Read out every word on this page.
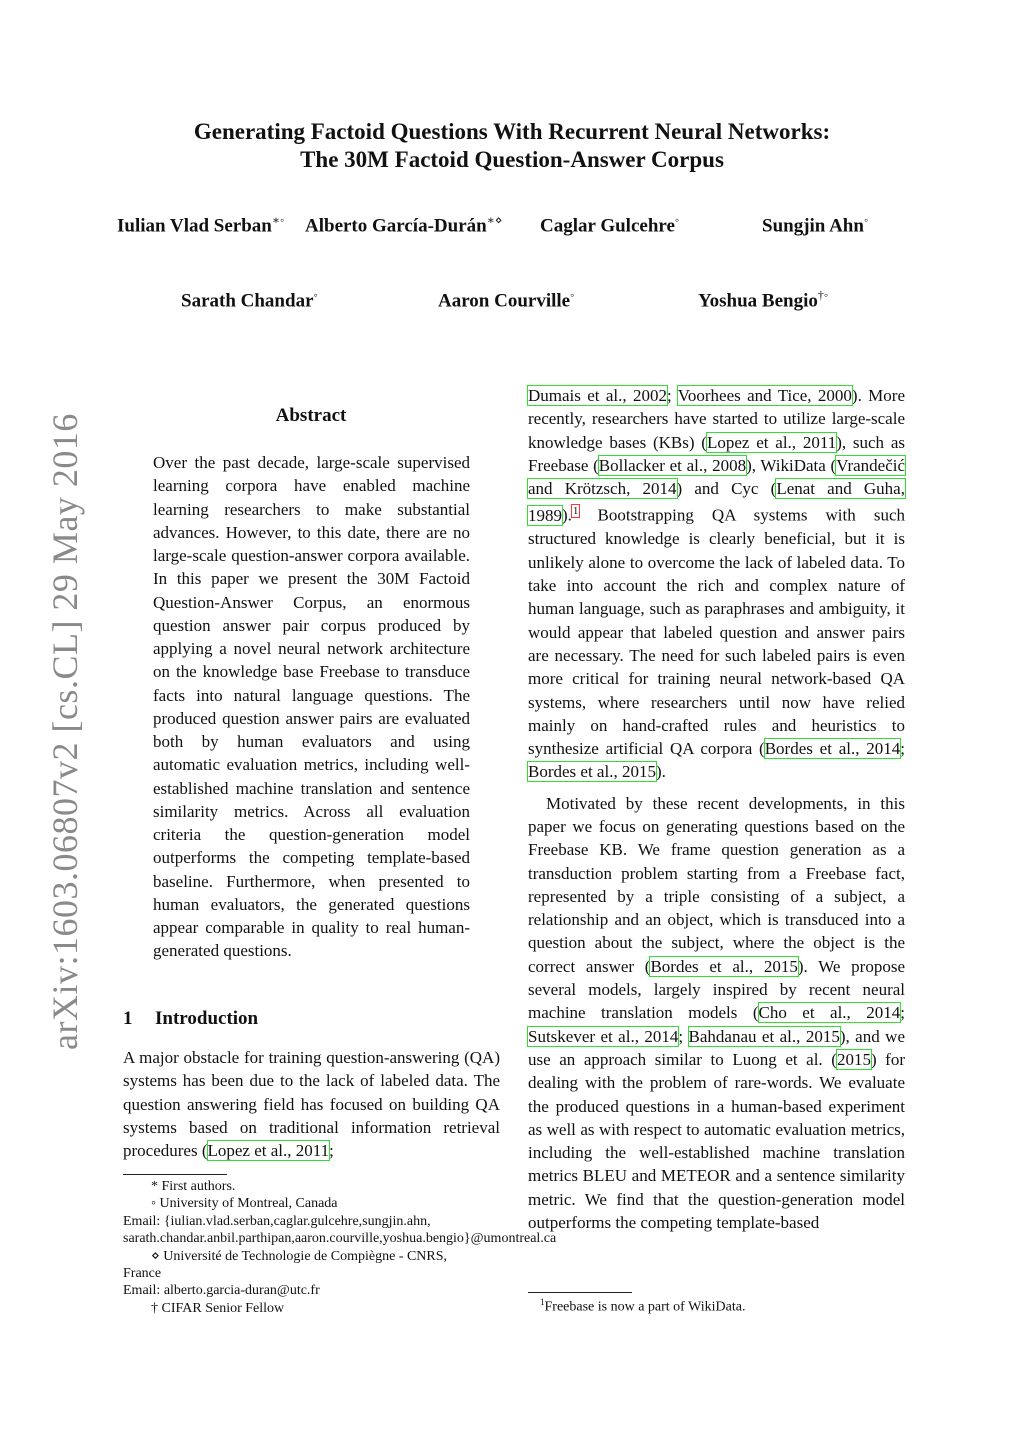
arXiv:1603.06807v2 [cs.CL] 29 May 2016
Generating Factoid Questions With Recurrent Neural Networks:
The 30M Factoid Question-Answer Corpus
Iulian Vlad Serban∗◦ Alberto García-Durán∗⋄ Caglar Gulcehre◦	Sungjin Ahn◦
Sarath Chandar◦	Aaron Courville◦	Yoshua Bengio†◦
Abstract

Over the past decade, large-scale supervised learning corpora have enabled machine learning researchers to make substantial advances. However, to this date, there are no large-scale question-answer corpora available. In this paper we present the 30M Factoid Question-Answer Corpus, an enormous question answer pair corpus produced by applying a novel neural network architecture on the knowledge base Freebase to transduce facts into natural language questions. The produced question answer pairs are evaluated both by human evaluators and using automatic evaluation metrics, including well-established machine translation and sentence similarity metrics. Across all evaluation criteria the question-generation model outperforms the competing template-based baseline. Furthermore, when presented to human evaluators, the generated questions appear comparable in quality to real human-generated questions.

1 Introduction

A major obstacle for training question-answering (QA) systems has been due to the lack of labeled data. The question answering field has focused on building QA systems based on traditional information retrieval procedures (Lopez et al., 2011;

* First authors.
◦ University of Montreal, Canada
Email: {iulian.vlad.serban,caglar.gulcehre,sungjin.ahn,
sarath.chandar.anbil.parthipan,aaron.courville,yoshua.bengio}@umontreal.ca
⋄ Université de Technologie de Compiègne - CNRS,
France
Email: alberto.garcia-duran@utc.fr
† CIFAR Senior Fellow

Dumais et al., 2002; Voorhees and Tice, 2000). More recently, researchers have started to utilize large-scale knowledge bases (KBs) (Lopez et al., 2011), such as Freebase (Bollacker et al., 2008), WikiData (Vrandečić and Krötzsch, 2014) and Cyc (Lenat and Guha, 1989).$^1$ Bootstrapping QA systems with such structured knowledge is clearly beneficial, but it is unlikely alone to overcome the lack of labeled data. To take into account the rich and complex nature of human language, such as paraphrases and ambiguity, it would appear that labeled question and answer pairs are necessary. The need for such labeled pairs is even more critical for training neural network-based QA systems, where researchers until now have relied mainly on hand-crafted rules and heuristics to synthesize artificial QA corpora (Bordes et al., 2014; Bordes et al., 2015).

Motivated by these recent developments, in this paper we focus on generating questions based on the Freebase KB. We frame question generation as a transduction problem starting from a Freebase fact, represented by a triple consisting of a subject, a relationship and an object, which is transduced into a question about the subject, where the object is the correct answer (Bordes et al., 2015). We propose several models, largely inspired by recent neural machine translation models (Cho et al., 2014; Sutskever et al., 2014; Bahdanau et al., 2015), and we use an approach similar to Luong et al. (2015) for dealing with the problem of rare-words. We evaluate the produced questions in a human-based experiment as well as with respect to automatic evaluation metrics, including the well-established machine translation metrics BLEU and METEOR and a sentence similarity metric. We find that the question-generation model outperforms the competing template-based

$^1$Freebase is now a part of WikiData.
